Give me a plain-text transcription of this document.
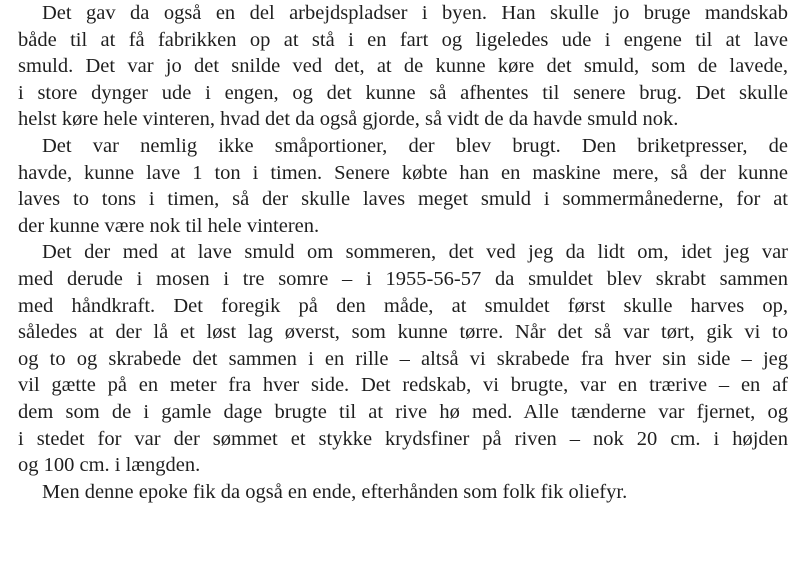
Det gav da også en del arbejdspladser i byen. Han skulle jo bruge mandskab
både til at få fabrikken op at stå i en fart og ligeledes ude i engene til at lave
smuld. Det var jo det snilde ved det, at de kunne køre det smuld, som de lavede,
i store dynger ude i engen, og det kunne så afhentes til senere brug. Det skulle
helst køre hele vinteren, hvad det da også gjorde, så vidt de da havde smuld nok.
Det var nemlig ikke småportioner, der blev brugt. Den briketpresser, de
havde, kunne lave 1 ton i timen. Senere købte han en maskine mere, så der kunne
laves to tons i timen, så der skulle laves meget smuld i sommermånederne, for at
der kunne være nok til hele vinteren.
Det der med at lave smuld om sommeren, det ved jeg da lidt om, idet jeg var
med derude i mosen i tre somre – i 1955-56-57 da smuldet blev skrabt sammen
med håndkraft. Det foregik på den måde, at smuldet først skulle harves op,
således at der lå et løst lag øverst, som kunne tørre. Når det så var tørt, gik vi to
og to og skrabede det sammen i en rille – altså vi skrabede fra hver sin side – jeg
vil gætte på en meter fra hver side. Det redskab, vi brugte, var en trærive – en af
dem som de i gamle dage brugte til at rive hø med. Alle tænderne var fjernet, og
i stedet for var der sømmet et stykke krydsfiner på riven – nok 20 cm. i højden
og 100 cm. i længden.
Men denne epoke fik da også en ende, efterhånden som folk fik oliefyr.
